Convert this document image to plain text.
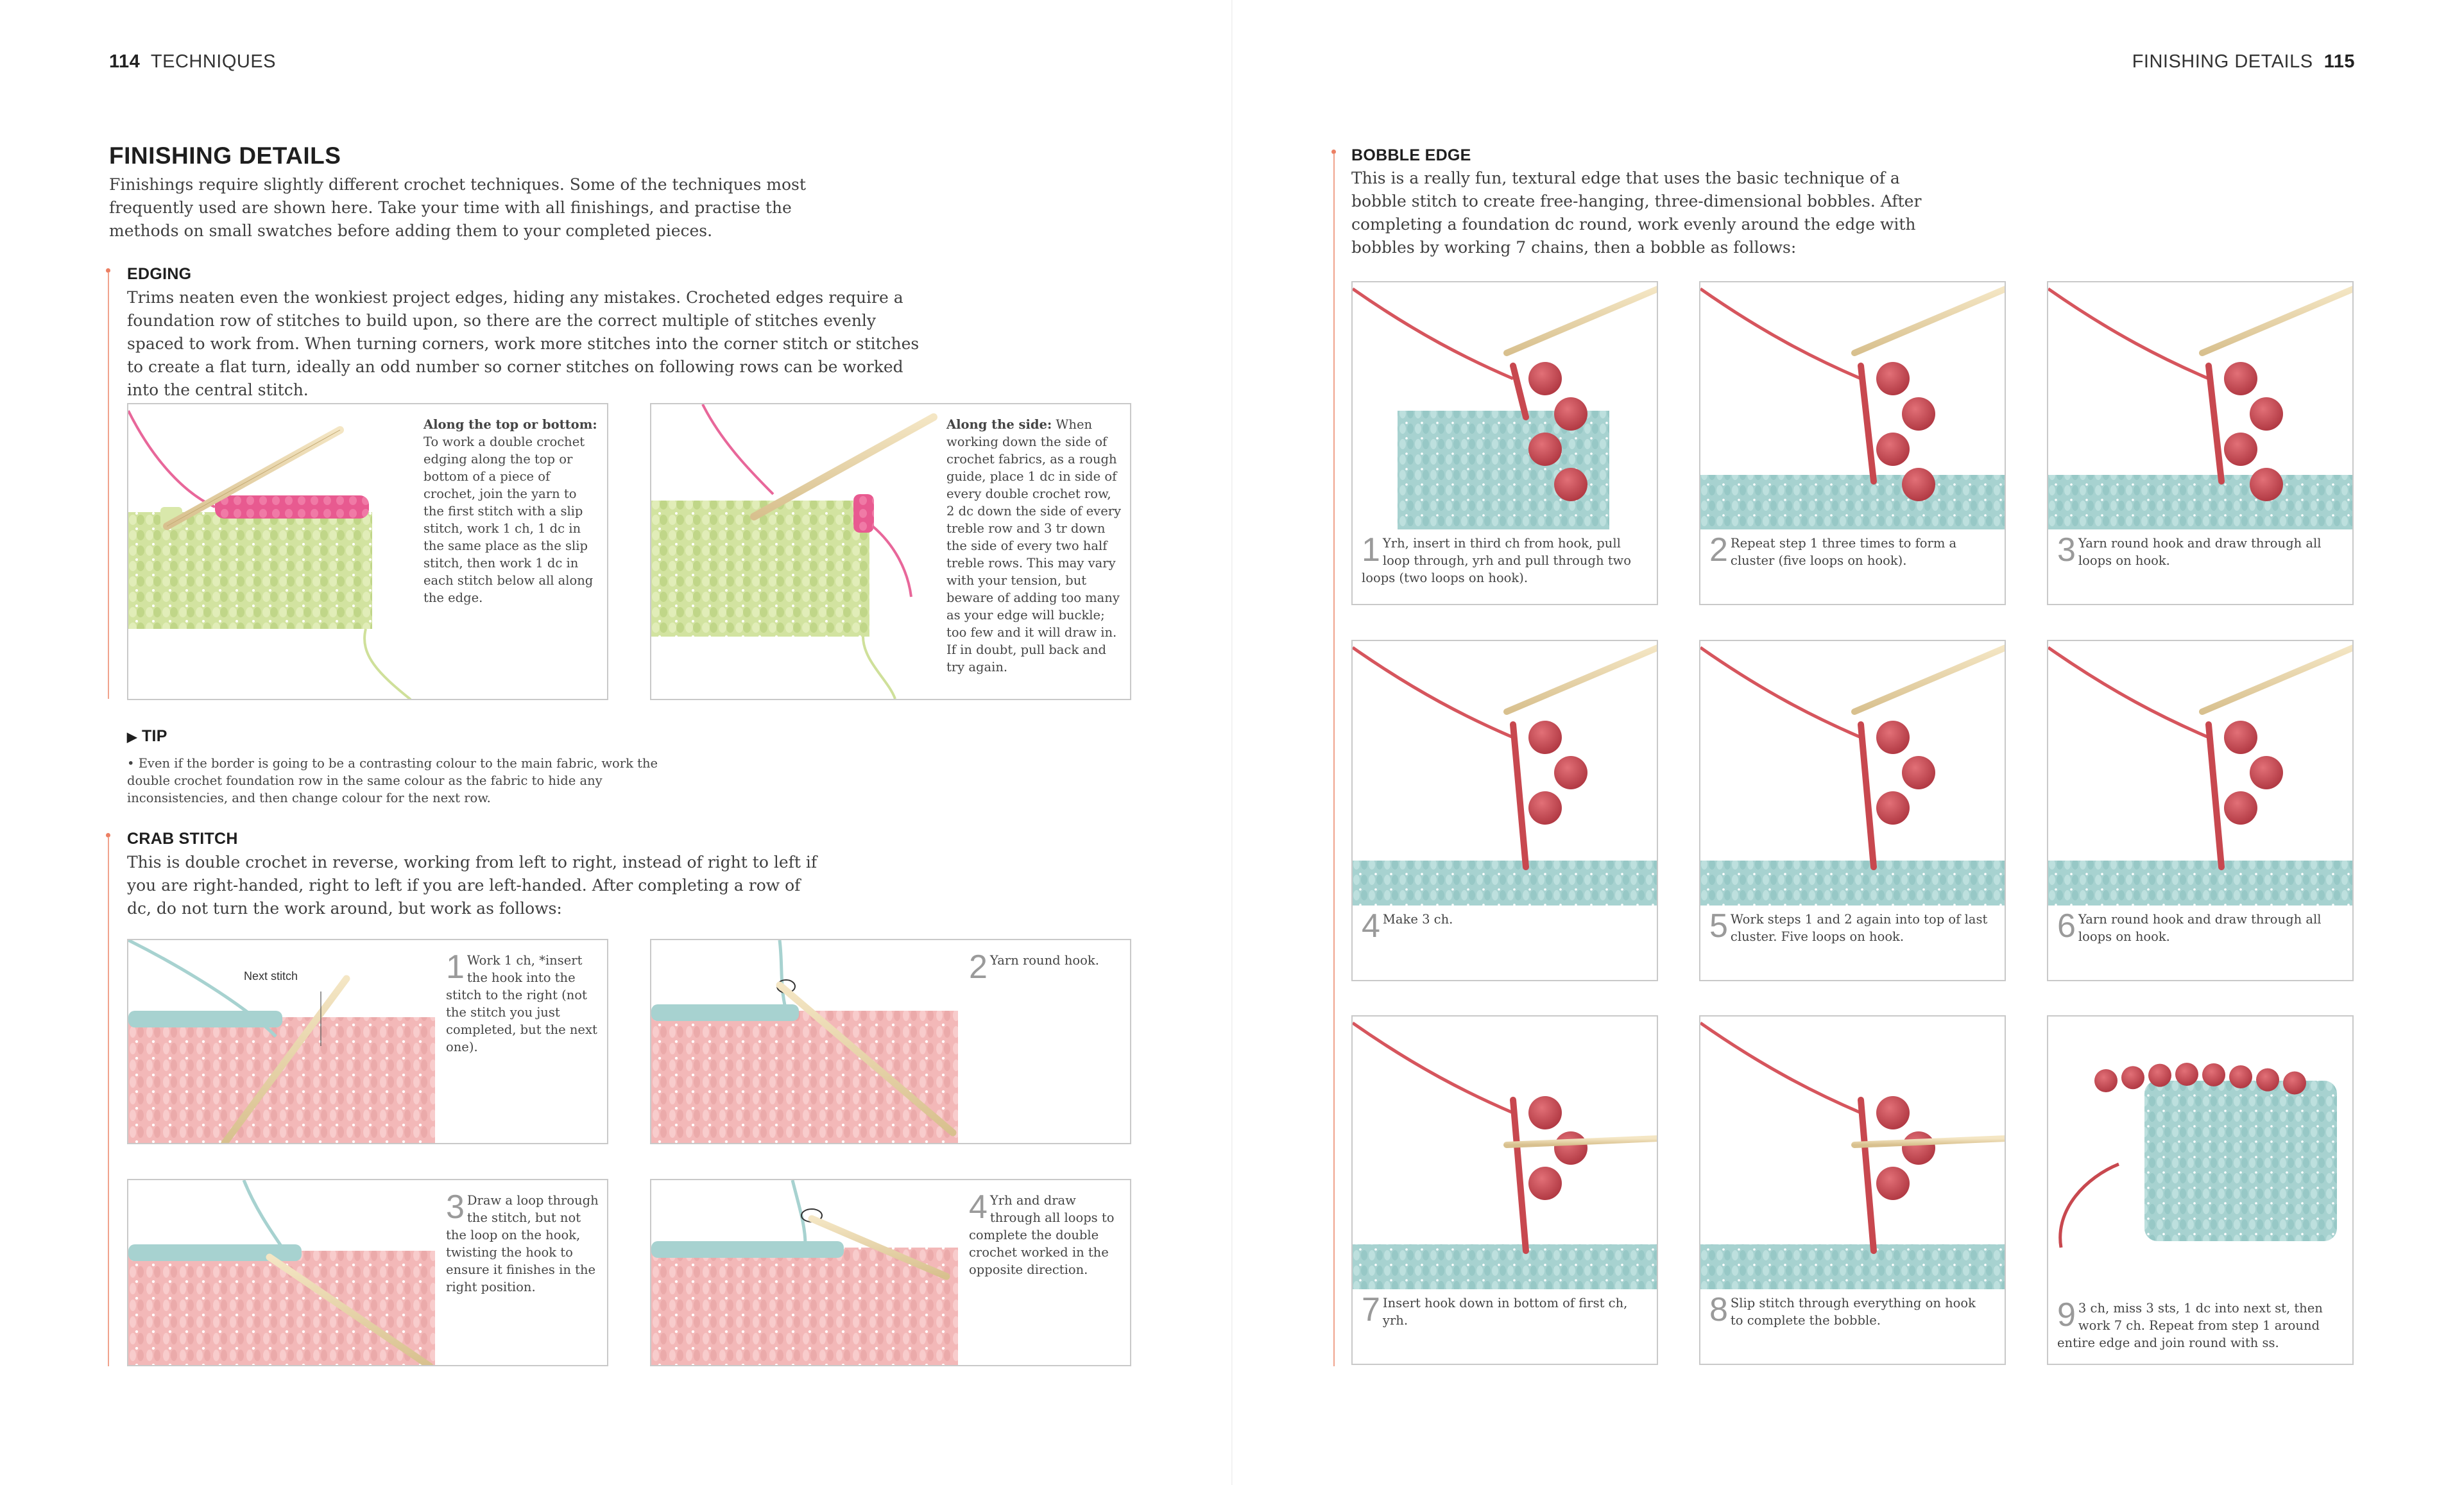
114 TECHNIQUES	FINISHING DETAILS 115
FINISHING DETAILS
Finishings require slightly different crochet techniques. Some of the techniques most frequently used are shown here. Take your time with all finishings, and practise the methods on small swatches before adding them to your completed pieces.
EDGING
Trims neaten even the wonkiest project edges, hiding any mistakes. Crocheted edges require a foundation row of stitches to build upon, so there are the correct multiple of stitches evenly spaced to work from. When turning corners, work more stitches into the corner stitch or stitches to create a flat turn, ideally an odd number so corner stitches on following rows can be worked into the central stitch.
Along the top or bottom: To work a double crochet edging along the top or bottom of a piece of crochet, join the yarn to the first stitch with a slip stitch, work 1 ch, 1 dc in the same place as the slip stitch, then work 1 dc in each stitch below all along the edge.
Along the side: When working down the side of crochet fabrics, as a rough guide, place 1 dc in side of every double crochet row, 2 dc down the side of every treble row and 3 tr down the side of every two half treble rows. This may vary with your tension, but beware of adding too many as your edge will buckle; too few and it will draw in. If in doubt, pull back and try again.
▶ TIP
• Even if the border is going to be a contrasting colour to the main fabric, work the double crochet foundation row in the same colour as the fabric to hide any inconsistencies, and then change colour for the next row.
CRAB STITCH
This is double crochet in reverse, working from left to right, instead of right to left if you are right-handed, right to left if you are left-handed. After completing a row of dc, do not turn the work around, but work as follows:
Next stitch	1 Work 1 ch, *insert the hook into the stitch to the right (not the stitch you just completed, but the next one).
2 Yarn round hook.
3 Draw a loop through the stitch, but not the loop on the hook, twisting the hook to ensure it finishes in the right position.
4 Yrh and draw through all loops to complete the double crochet worked in the opposite direction.
BOBBLE EDGE
This is a really fun, textural edge that uses the basic technique of a bobble stitch to create free-hanging, three-dimensional bobbles. After completing a foundation dc round, work evenly around the edge with bobbles by working 7 chains, then a bobble as follows:
1 Yrh, insert in third ch from hook, pull loop through, yrh and pull through two loops (two loops on hook).
2 Repeat step 1 three times to form a cluster (five loops on hook).	3 Yarn round hook and draw through all loops on hook.
4 Make 3 ch.	5 Work steps 1 and 2 again into top of last cluster. Five loops on hook.	6 Yarn round hook and draw through all loops on hook.
7 Insert hook down in bottom of first ch, yrh.	8 Slip stitch through everything on hook to complete the bobble.	9 3 ch, miss 3 sts, 1 dc into next st, then work 7 ch. Repeat from step 1 around entire edge and join round with ss.
